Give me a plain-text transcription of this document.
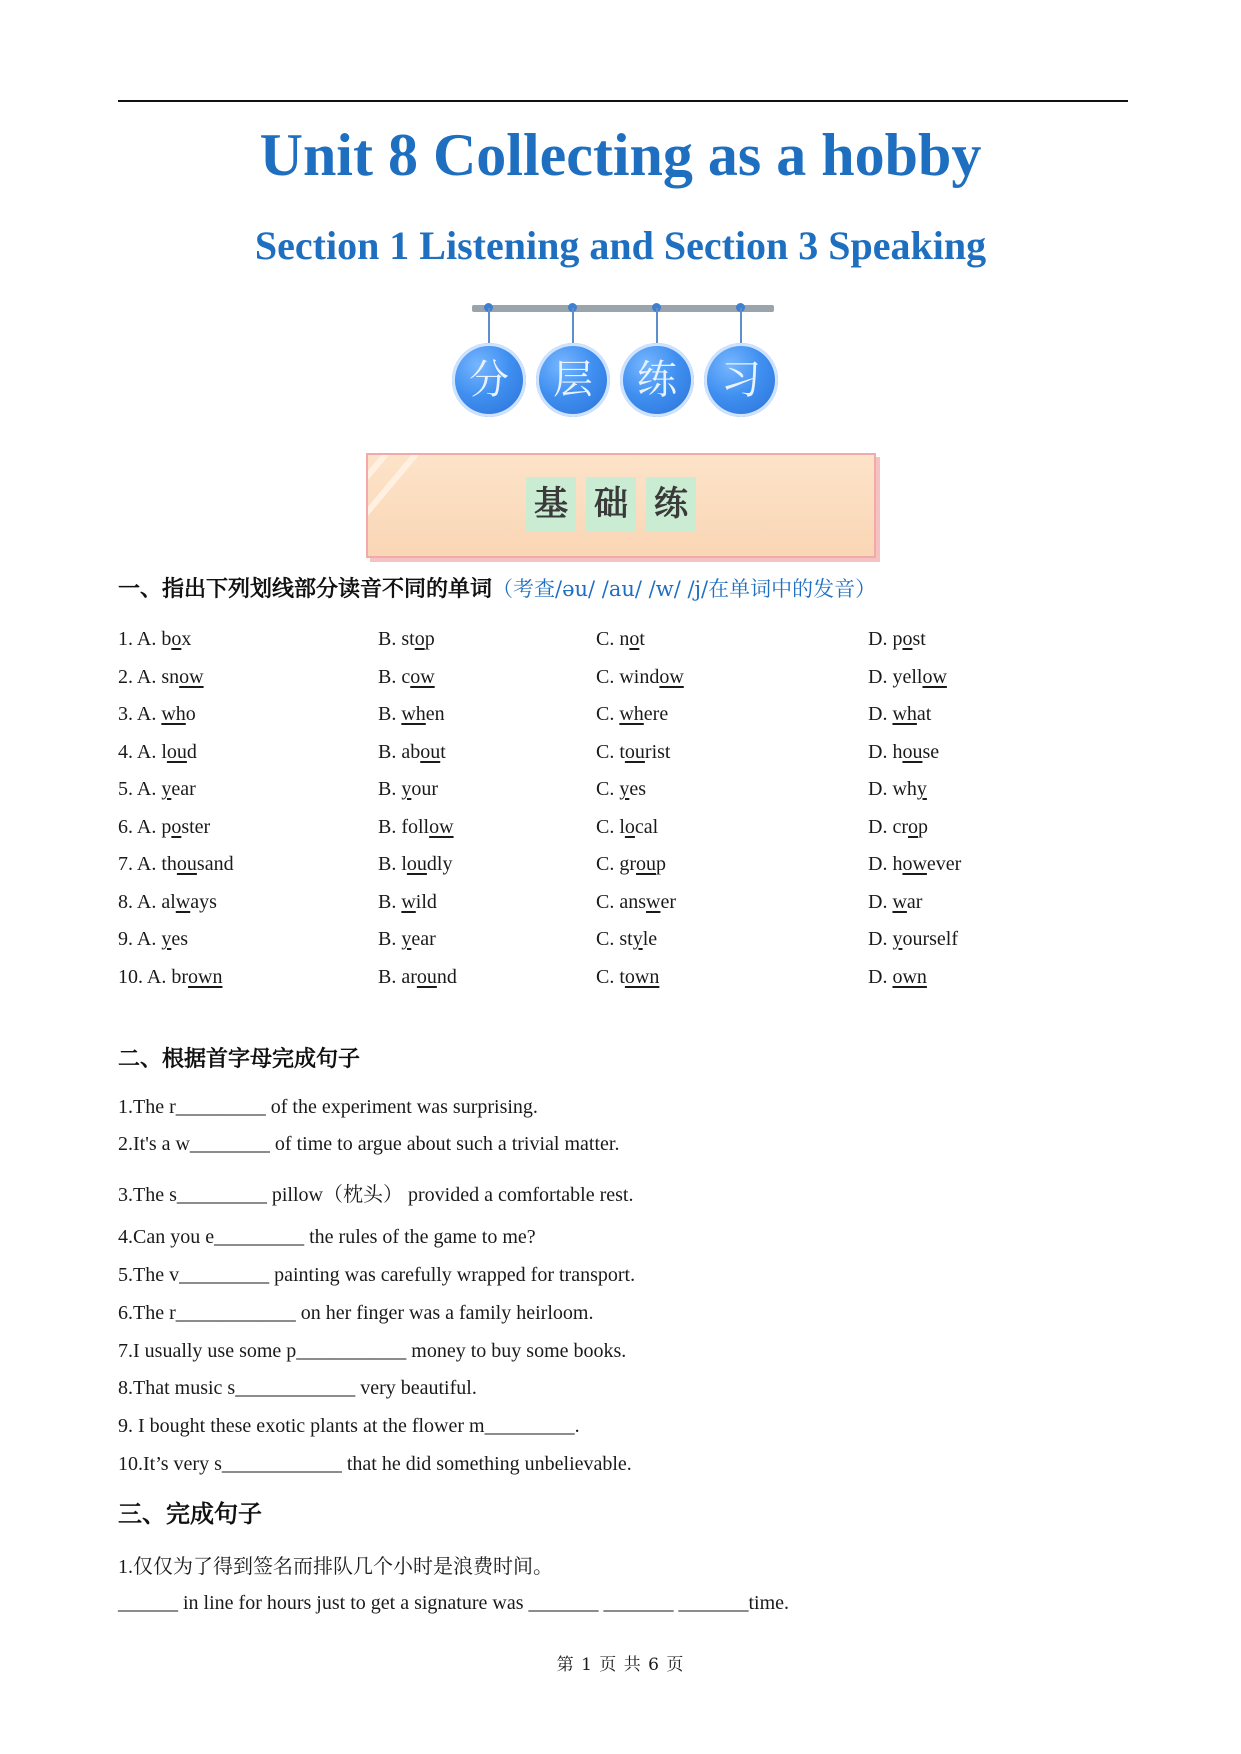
Unit 8 Collecting as a hobby
Section 1 Listening and Section 3 Speaking
分	层	练	习
基 础 练
一、指出下列划线部分读音不同的单词（考查/əu/ /au/ /w/ /j/在单词中的发音）
1. A. box	B. stop	C. not	D. post
2. A. snow	B. cow	C. window	D. yellow
3. A. who	B. when	C. where	D. what
4. A. loud	B. about	C. tourist	D. house
5. A. year	B. your	C. yes	D. why
6. A. poster	B. follow	C. local	D. crop
7. A. thousand	B. loudly	C. group	D. however
8. A. always	B. wild	C. answer	D. war
9. A. yes	B. year	C. style	D. yourself
10. A. brown	B. around	C. town	D. own
二、根据首字母完成句子
1.The r_________ of the experiment was surprising.
2.It's a w________ of time to argue about such a trivial matter.
3.The s_________ pillow（枕头） provided a comfortable rest.
4.Can you e_________ the rules of the game to me?
5.The v_________ painting was carefully wrapped for transport.
6.The r____________ on her finger was a family heirloom.
7.I usually use some p___________ money to buy some books.
8.That music s____________ very beautiful.
9. I bought these exotic plants at the flower m_________.
10.It’s very s____________ that he did something unbelievable.
三、完成句子
1.仅仅为了得到签名而排队几个小时是浪费时间。
______ in line for hours just to get a signature was _______ _______ _______time.
第 1 页 共 6 页
